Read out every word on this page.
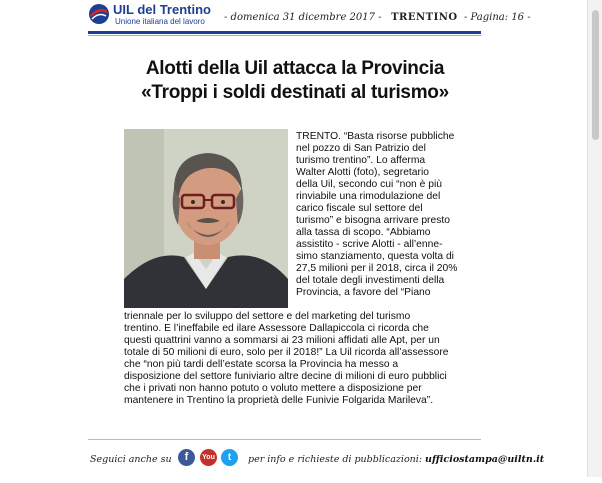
UIL del Trentino
Unione italiana del lavoro - domenica 31 dicembre 2017 - TRENTINO - Pagina: 16 -
Alotti della Uil attacca la Provincia
«Troppi i soldi destinati al turismo»
TRENTO. “Basta risorse pubbliche
nel pozzo di San Patrizio del
turismo trentino”. Lo afferma
Walter Alotti (foto), segretario
della Uil, secondo cui “non è più
rinviabile una rimodulazione del
carico fiscale sul settore del
turismo” e bisogna arrivare presto
alla tassa di scopo. “Abbiamo
assistito - scrive Alotti - all’enne-
simo stanziamento, questa volta di
27,5 milioni per il 2018, circa il 20%
del totale degli investimenti della
Provincia, a favore del “Piano
triennale per lo sviluppo del settore e del marketing del turismo
trentino. E l’ineffabile ed ilare Assessore Dallapiccola ci ricorda che
questi quattrini vanno a sommarsi ai 23 milioni affidati alle Apt, per un
totale di 50 milioni di euro, solo per il 2018!” La Uil ricorda all’assessore
che “non più tardi dell’estate scorsa la Provincia ha messo a
disposizione del settore funiviario altre decine di milioni di euro pubblici
che i privati non hanno potuto o voluto mettere a disposizione per
mantenere in Trentino la proprietà delle Funivie Folgarida Marileva”.
Seguici anche su	f	You Tube
t	per info e richieste di pubblicazioni: ufficiostampa@uiltn.it
